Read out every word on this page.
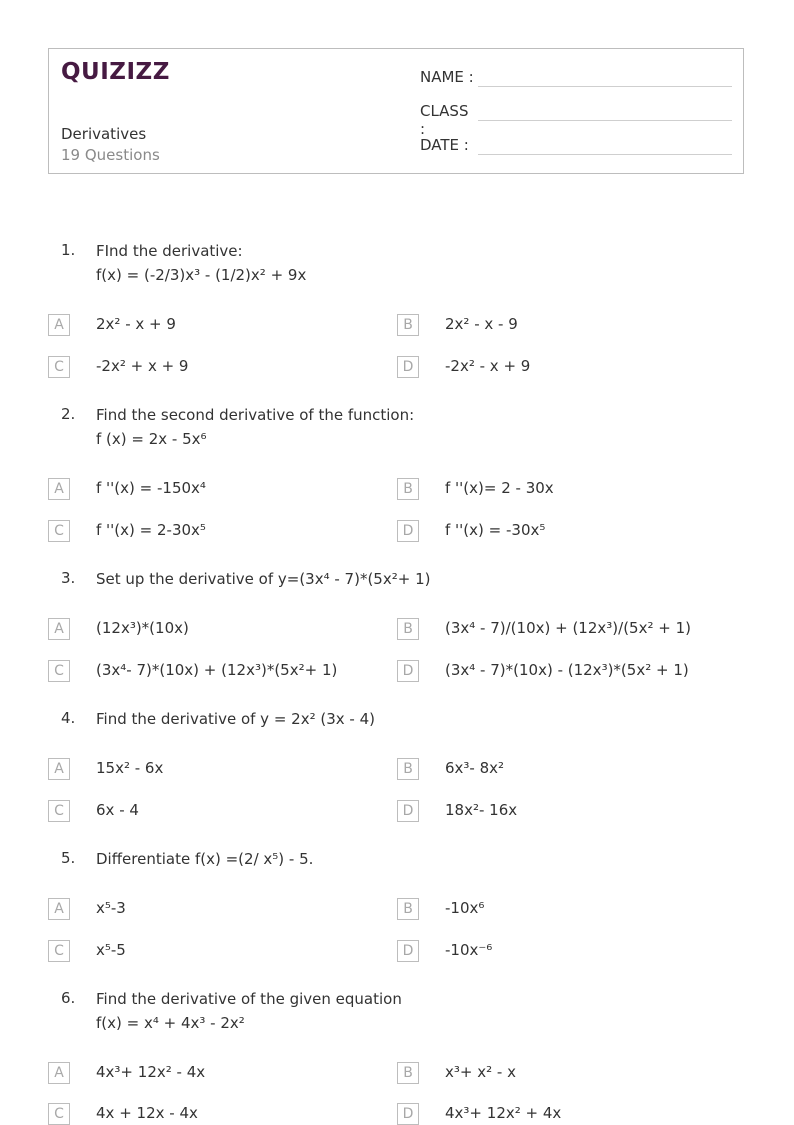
QUIZIZZ
Derivatives
19 Questions
NAME :
CLASS :
DATE :
1. FInd the derivative:
f(x) = (-2/3)x³ - (1/2)x² + 9x
A	2x² - x + 9	B	2x² - x - 9
C	-2x² + x + 9	D	-2x² - x + 9
2. Find the second derivative of the function:
f (x) = 2x - 5x⁶
A	f ''(x) = -150x⁴	B	f ''(x)= 2 - 30x
C	f ''(x) = 2-30x⁵	D	f ''(x) = -30x⁵
3. Set up the derivative of y=(3x⁴ - 7)*(5x²+ 1)
A	(12x³)*(10x)	B	(3x⁴ - 7)/(10x) + (12x³)/(5x² + 1)
C	(3x⁴- 7)*(10x) + (12x³)*(5x²+ 1)	D	(3x⁴ - 7)*(10x) - (12x³)*(5x² + 1)
4. Find the derivative of y = 2x² (3x - 4)
A	15x² - 6x	B	6x³- 8x²
C	6x - 4	D	18x²- 16x
5. Differentiate f(x) =(2/ x⁵) - 5.
A	x⁵-3	B	-10x⁶
C	x⁵-5	D	-10x⁻⁶
6. Find the derivative of the given equation
f(x) = x⁴ + 4x³ - 2x²
A	4x³+ 12x² - 4x	B	x³+ x² - x
C	4x + 12x - 4x	D	4x³+ 12x² + 4x
